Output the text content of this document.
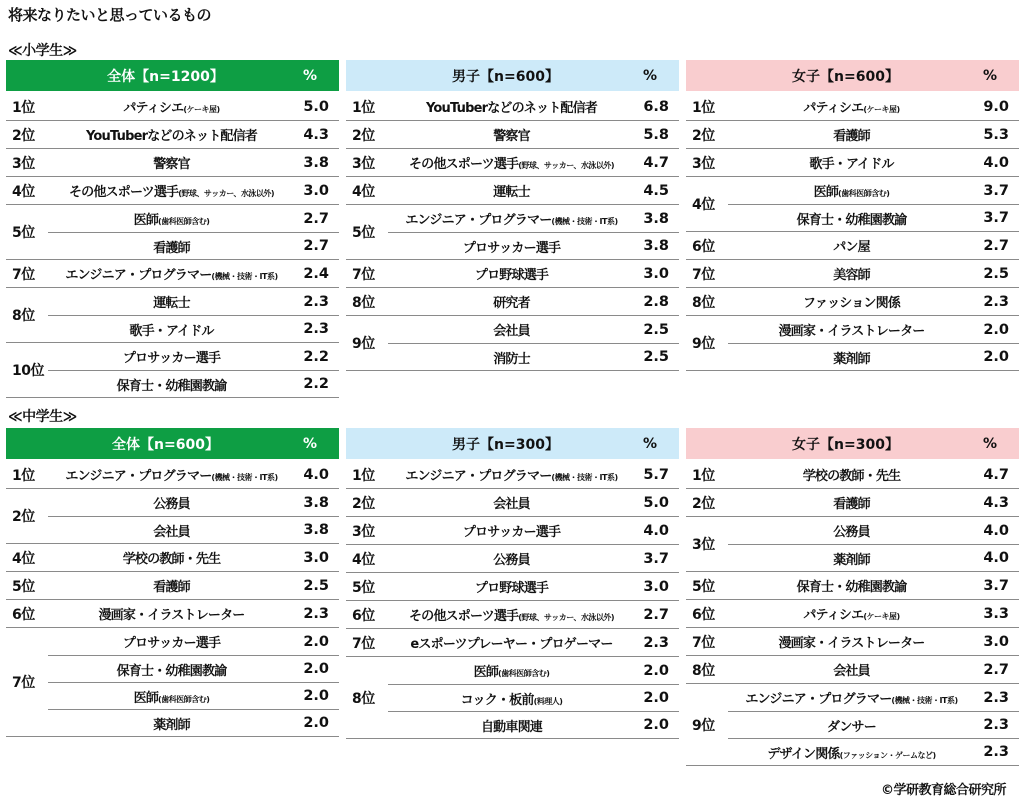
将来なりたいと思っているもの
≪小学生≫
全体【n=1200】	%
1位	パティシエ(ケーキ屋)	5.0
2位	YouTuberなどのネット配信者	4.3
3位	警察官	3.8
4位	その他スポーツ選手(野球、サッカー、水泳以外)	3.0
5位
医師(歯科医師含む)	2.7
看護師	2.7
7位	エンジニア・プログラマー(機械・技術・IT系)	2.4
8位
運転士	2.3
歌手・アイドル	2.3
10位
プロサッカー選手	2.2
保育士・幼稚園教諭	2.2
男子【n=600】	%
1位	YouTuberなどのネット配信者	6.8
2位	警察官	5.8
3位	その他スポーツ選手(野球、サッカー、水泳以外)	4.7
4位	運転士	4.5
5位
エンジニア・プログラマー(機械・技術・IT系)	3.8
プロサッカー選手	3.8
7位	プロ野球選手	3.0
8位	研究者	2.8
9位
会社員	2.5
消防士	2.5
女子【n=600】	%
1位	パティシエ(ケーキ屋)	9.0
2位	看護師	5.3
3位	歌手・アイドル	4.0
4位
医師(歯科医師含む)	3.7
保育士・幼稚園教諭	3.7
6位	パン屋	2.7
7位	美容師	2.5
8位	ファッション関係	2.3
9位
漫画家・イラストレーター	2.0
薬剤師	2.0
≪中学生≫
全体【n=600】	%
1位	エンジニア・プログラマー(機械・技術・IT系)	4.0
2位
公務員	3.8
会社員	3.8
4位	学校の教師・先生	3.0
5位	看護師	2.5
6位	漫画家・イラストレーター	2.3
7位
プロサッカー選手	2.0
保育士・幼稚園教諭	2.0
医師(歯科医師含む)	2.0
薬剤師	2.0
男子【n=300】	%
1位	エンジニア・プログラマー(機械・技術・IT系)	5.7
2位	会社員	5.0
3位	プロサッカー選手	4.0
4位	公務員	3.7
5位	プロ野球選手	3.0
6位	その他スポーツ選手(野球、サッカー、水泳以外)	2.7
7位	eスポーツプレーヤー・プロゲーマー	2.3
8位
医師(歯科医師含む)	2.0
コック・板前(料理人)	2.0
自動車関連	2.0
女子【n=300】	%
1位	学校の教師・先生	4.7
2位	看護師	4.3
3位
公務員	4.0
薬剤師	4.0
5位	保育士・幼稚園教諭	3.7
6位	パティシエ(ケーキ屋)	3.3
7位	漫画家・イラストレーター	3.0
8位	会社員	2.7
9位
エンジニア・プログラマー(機械・技術・IT系)	2.3
ダンサー	2.3
デザイン関係(ファッション・ゲームなど)	2.3
©学研教育総合研究所
